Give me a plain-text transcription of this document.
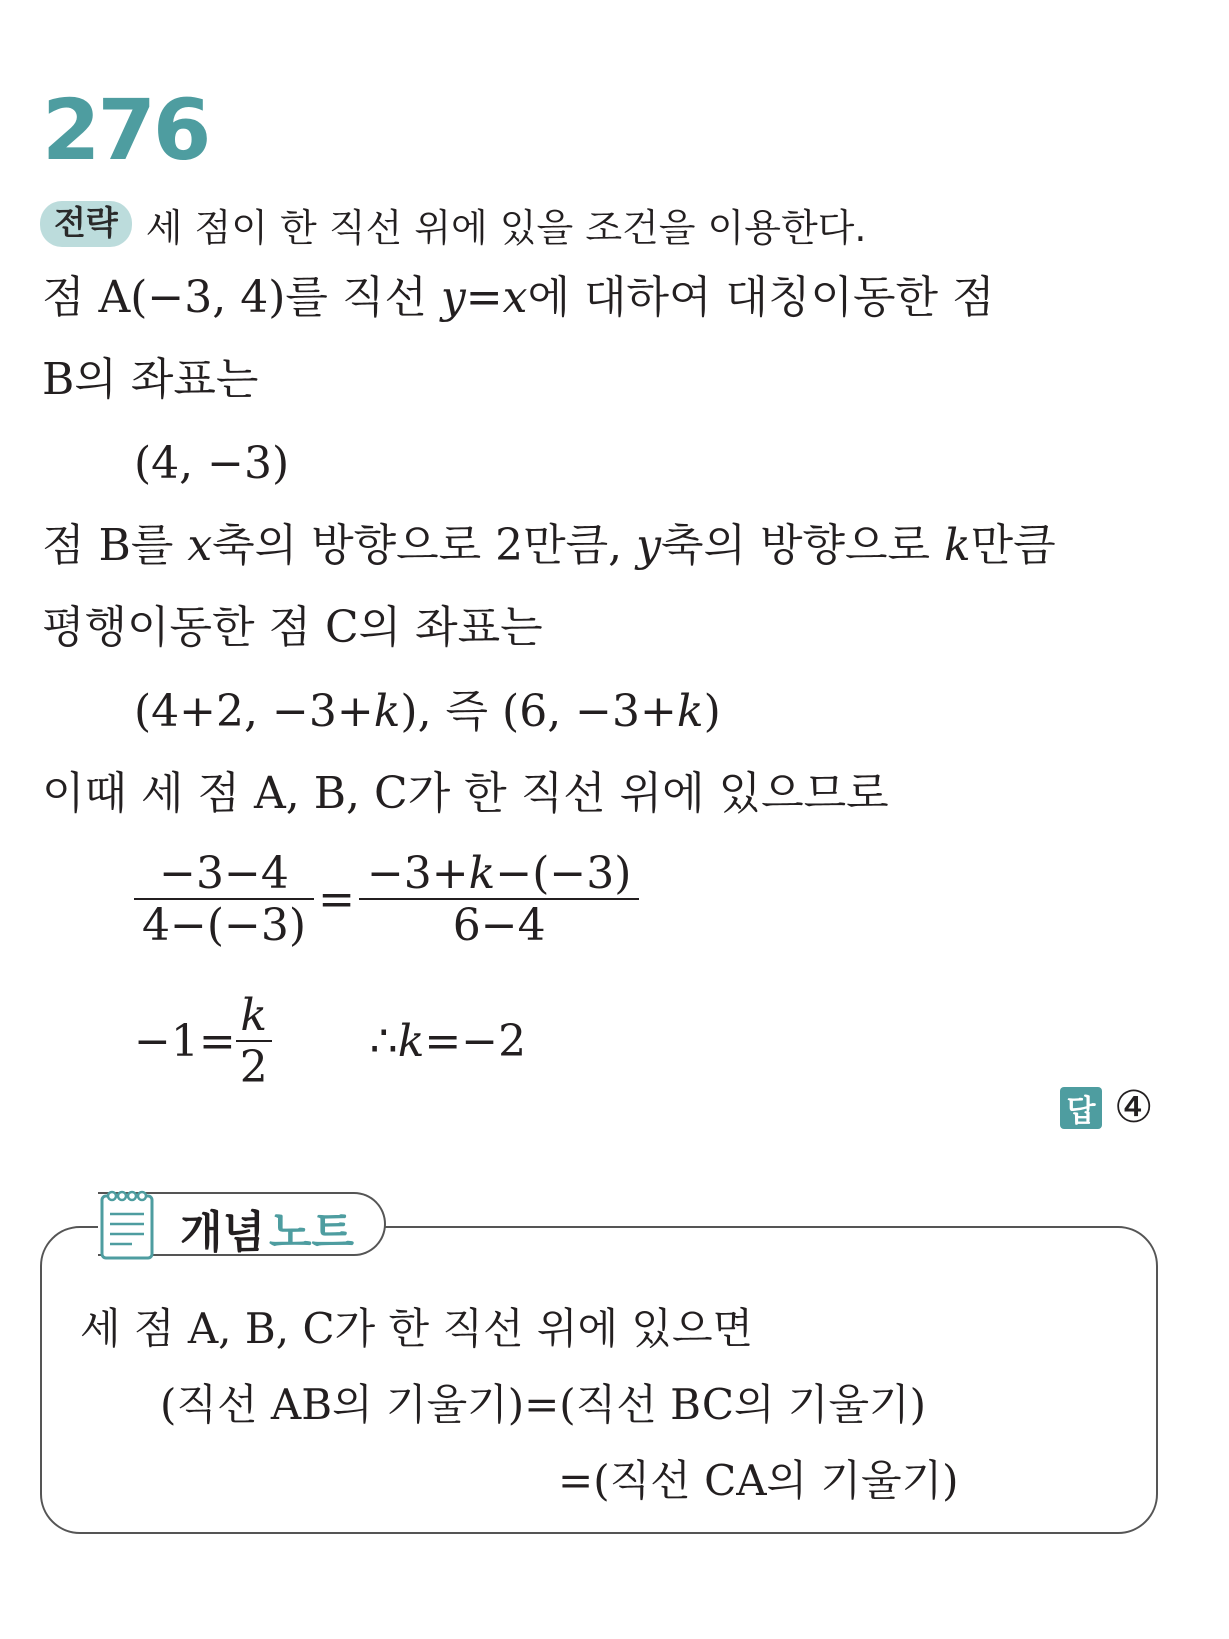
276
전략 세 점이 한 직선 위에 있을 조건을 이용한다.
점 A(−3, 4)를 직선 y=x에 대하여 대칭이동한 점
B의 좌표는
(4, −3)
점 B를 x축의 방향으로 2만큼, y축의 방향으로 k만큼
평행이동한 점 C의 좌표는
(4+2, −3+k), 즉 (6, −3+k)
이때 세 점 A, B, C가 한 직선 위에 있으므로
$\frac{-3-4}{4-(-3)} = \frac{-3+k-(-3)}{6-4}$
$-1= \frac{k}{2}$ ∴ k =−2
답 ④
개념노트
세 점 A, B, C가 한 직선 위에 있으면
(직선 AB의 기울기)=(직선 BC의 기울기)
=(직선 CA의 기울기)
